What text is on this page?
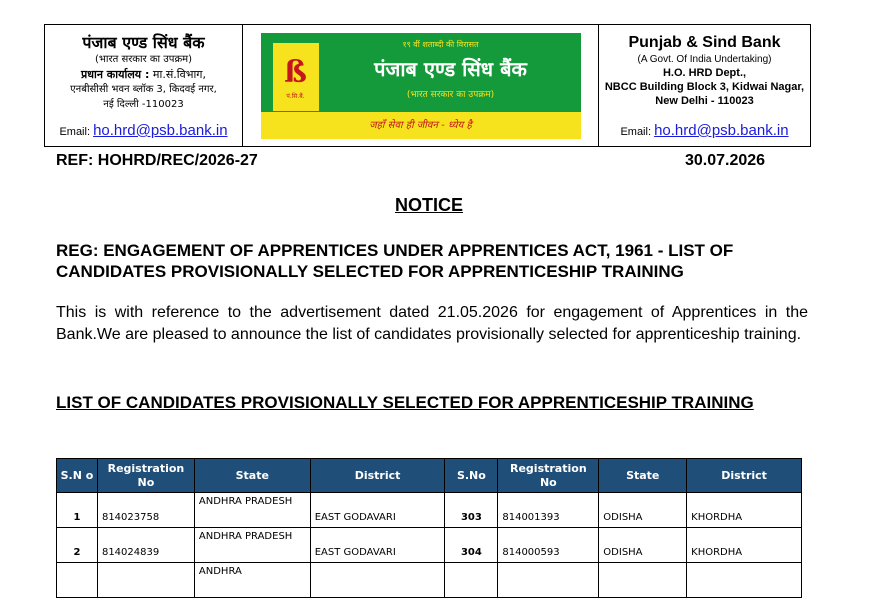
पंजाब एण्ड सिंध बैंक
(भारत सरकार का उपक्रम)
प्रधान कार्यालय : मा.सं.विभाग,
एनबीसीसी भवन ब्लॉक 3, किदवई नगर,
नई दिल्ली -110023
Email: ho.hrd@psb.bank.in
ß
पं.सि.बैं.
१९ वीं शताब्दी की विरासत
पंजाब एण्ड सिंध बैंक
(भारत सरकार का उपक्रम)
जहाँ सेवा ही जीवन - ध्येय है
Punjab & Sind Bank
(A Govt. Of India Undertaking)
H.O. HRD Dept.,
NBCC Building Block 3, Kidwai Nagar,
New Delhi - 110023
Email: ho.hrd@psb.bank.in
REF: HOHRD/REC/2026-27	30.07.2026
NOTICE
REG: ENGAGEMENT OF APPRENTICES UNDER APPRENTICES ACT, 1961 - LIST OF CANDIDATES PROVISIONALLY SELECTED FOR APPRENTICESHIP TRAINING
This is with reference to the advertisement dated 21.05.2026 for engagement of Apprentices in the Bank.We are pleased to announce the list of candidates provisionally selected for apprenticeship training.
LIST OF CANDIDATES PROVISIONALLY SELECTED FOR APPRENTICESHIP TRAINING
S.N o	Registration No	State	District	S.No	Registration No	State	District
1	814023758	ANDHRA PRADESH	EAST GODAVARI	303	814001393	ODISHA	KHORDHA
2	814024839	ANDHRA PRADESH	EAST GODAVARI	304	814000593	ODISHA	KHORDHA
		ANDHRA					
